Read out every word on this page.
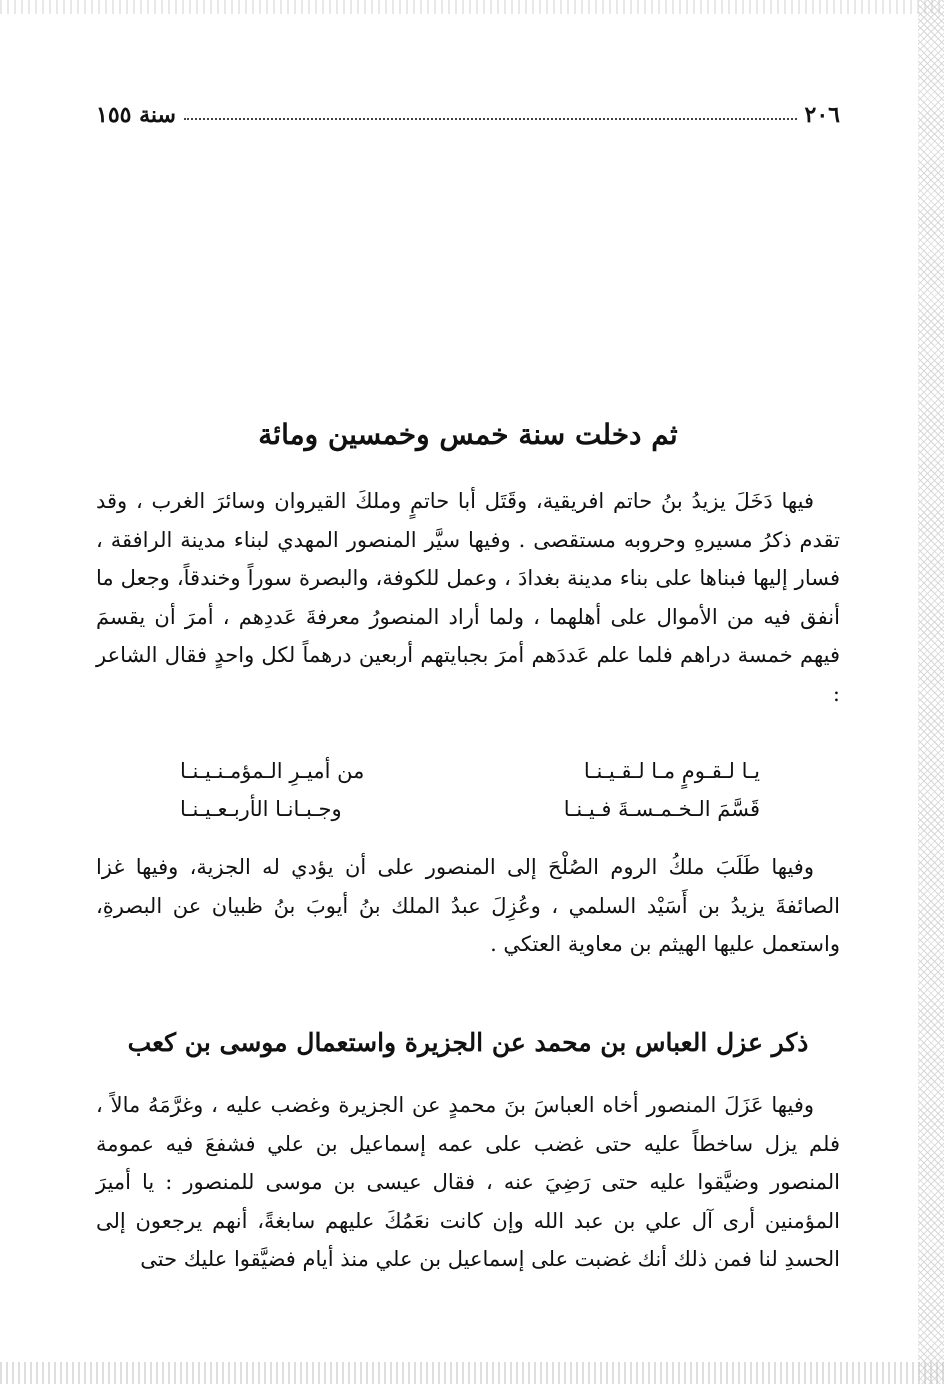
٢٠٦
سنة ١٥٥
ثم دخلت سنة خمس وخمسين ومائة

فيها دَخَلَ يزيدُ بنُ حاتم افريقية، وقَتَل أبا حاتمٍ وملكَ القيروان وسائرَ الغرب ، وقد تقدم ذكرُ مسيرهِ وحروبه مستقصى . وفيها سيَّر المنصور المهدي لبناء مدينة الرافقة ، فسار إليها فبناها على بناء مدينة بغدادَ ، وعمل للكوفة، والبصرة سوراً وخندقاً، وجعل ما أنفق فيه من الأموال على أهلهما ، ولما أراد المنصورُ معرفةَ عَددِهم ، أمرَ أن يقسمَ فيهم خمسة دراهم فلما علم عَددَهم أمرَ بجبايتهم أربعين درهماً لكل واحدٍ فقال الشاعر :

يـا لـقـومٍ مـا لـقـيـنـا
من أميـرِ الـمؤمـنـيـنـا
قَسَّمَ الـخـمـسـةَ فـيـنـا
وجـبـانـا الأربـعـيـنـا

وفيها طَلَبَ ملكُ الروم الصُلْحَ إلى المنصور على أن يؤدي له الجزية، وفيها غزا الصائفةَ يزيدُ بن أَسَيْد السلمي ، وعُزِلَ عبدُ الملك بنُ أيوبَ بنُ ظبيان عن البصرةِ، واستعمل عليها الهيثم بن معاوية العتكي .

ذكر عزل العباس بن محمد عن الجزيرة واستعمال موسى بن كعب

وفيها عَزَلَ المنصور أخاه العباسَ بنَ محمدٍ عن الجزيرة وغضب عليه ، وغرَّمَهُ مالاً ، فلم يزل ساخطاً عليه حتى غضب على عمه إسماعيل بن علي فشفعَ فيه عمومة المنصور وضيَّقوا عليه حتى رَضِيَ عنه ، فقال عيسى بن موسى للمنصور : يا أميرَ المؤمنين أرى آل علي بن عبد الله وإن كانت نعَمُكَ عليهم سابغةً، أنهم يرجعون إلى الحسدِ لنا فمن ذلك أنك غضبت على إسماعيل بن علي منذ أيام فضيَّقوا عليك حتى
